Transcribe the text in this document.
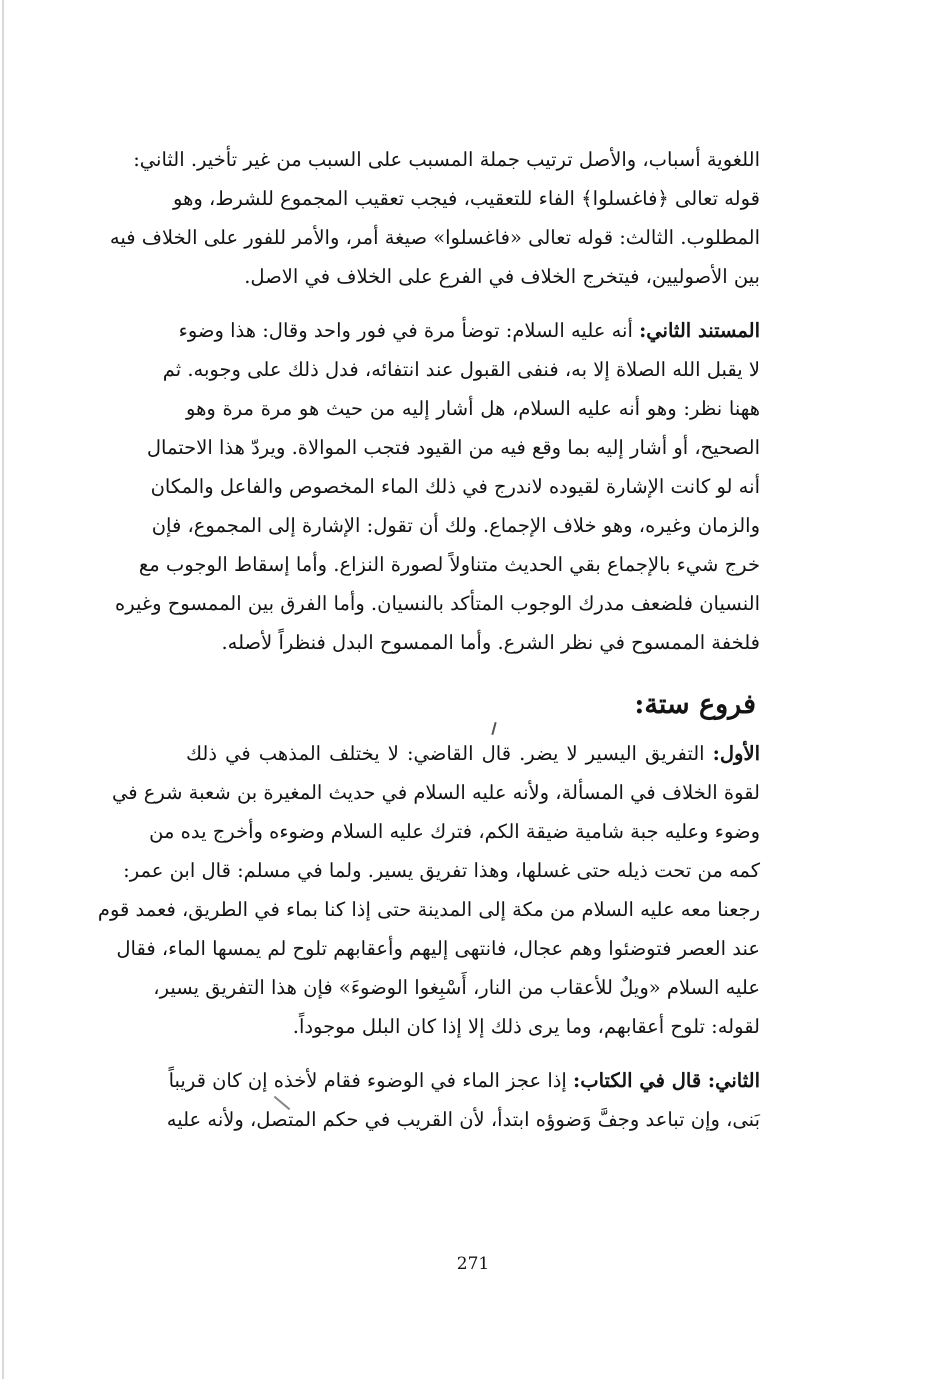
اللغوية أسباب، والأصل ترتيب جملة المسبب على السبب من غير تأخير. الثاني:
قوله تعالى ﴿فاغسلوا﴾ الفاء للتعقيب، فيجب تعقيب المجموع للشرط، وهو
المطلوب. الثالث: قوله تعالى «فاغسلوا» صيغة أمر، والأمر للفور على الخلاف فيه
بين الأصوليين، فيتخرج الخلاف في الفرع على الخلاف في الاصل.
المستند الثاني: أنه عليه السلام: توضأ مرة في فور واحد وقال: هذا وضوء
لا يقبل الله الصلاة إلا به، فنفى القبول عند انتفائه، فدل ذلك على وجوبه. ثم
ههنا نظر: وهو أنه عليه السلام، هل أشار إليه من حيث هو مرة مرة وهو
الصحيح، أو أشار إليه بما وقع فيه من القيود فتجب الموالاة. ويردّ هذا الاحتمال
أنه لو كانت الإشارة لقيوده لاندرج في ذلك الماء المخصوص والفاعل والمكان
والزمان وغيره، وهو خلاف الإجماع. ولك أن تقول: الإشارة إلى المجموع، فإن
خرج شيء بالإجماع بقي الحديث متناولاً لصورة النزاع. وأما إسقاط الوجوب مع
النسيان فلضعف مدرك الوجوب المتأكد بالنسيان. وأما الفرق بين الممسوح وغيره
فلخفة الممسوح في نظر الشرع. وأما الممسوح البدل فنظراً لأصله.
فروع ستة:
الأول: التفريق اليسير لا يضر. قال القاضي: لا يختلف المذهب في ذلك
لقوة الخلاف في المسألة، ولأنه عليه السلام في حديث المغيرة بن شعبة شرع في
وضوء وعليه جبة شامية ضيقة الكم، فترك عليه السلام وضوءه وأخرج يده من
كمه من تحت ذيله حتى غسلها، وهذا تفريق يسير. ولما في مسلم: قال ابن عمر:
رجعنا معه عليه السلام من مكة إلى المدينة حتى إذا كنا بماء في الطريق، فعمد قوم
عند العصر فتوضئوا وهم عجال، فانتهى إليهم وأعقابهم تلوح لم يمسها الماء، فقال
عليه السلام «ويلٌ للأعقاب من النار، أَسْبِغوا الوضوءَ» فإن هذا التفريق يسير،
لقوله: تلوح أعقابهم، وما يرى ذلك إلا إذا كان البلل موجوداً.
الثاني: قال في الكتاب: إذا عجز الماء في الوضوء فقام لأخذه إن كان قريباً
بَنى، وإن تباعد وجفَّ وَضوؤه ابتدأ، لأن القريب في حكم المتصل، ولأنه عليه
271
